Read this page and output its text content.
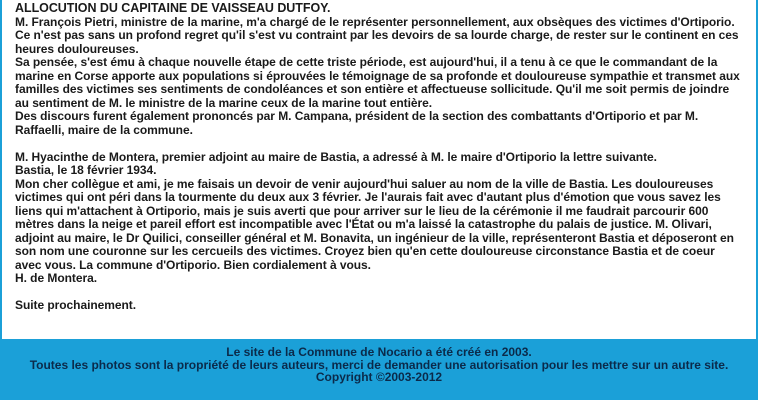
ALLOCUTION DU CAPITAINE DE VAISSEAU DUTFOY.
M. François Pietri, ministre de la marine, m'a chargé de le représenter personnellement, aux obsèques des victimes d'Ortiporio.
Ce n'est pas sans un profond regret qu'il s'est vu contraint par les devoirs de sa lourde charge, de rester sur le continent en ces
heures douloureuses.
Sa pensée, s'est ému à chaque nouvelle étape de cette triste période, est aujourd'hui, il a tenu à ce que le commandant de la
marine en Corse apporte aux populations si éprouvées le témoignage de sa profonde et douloureuse sympathie et transmet aux
familles des victimes ses sentiments de condoléances et son entière et affectueuse sollicitude. Qu'il me soit permis de joindre
au sentiment de M. le ministre de la marine ceux de la marine tout entière.
Des discours furent également prononcés par M. Campana, président de la section des combattants d'Ortiporio et par M.
Raffaelli, maire de la commune.
M. Hyacinthe de Montera, premier adjoint au maire de Bastia, a adressé à M. le maire d'Ortiporio la lettre suivante.
Bastia, le 18 février 1934.
Mon cher collègue et ami, je me faisais un devoir de venir aujourd'hui saluer au nom de la ville de Bastia. Les douloureuses
victimes qui ont péri dans la tourmente du deux aux 3 février. Je l'aurais fait avec d'autant plus d'émotion que vous savez les
liens qui m'attachent à Ortiporio, mais je suis averti que pour arriver sur le lieu de la cérémonie il me faudrait parcourir 600
mètres dans la neige et pareil effort est incompatible avec l'État ou m'a laissé la catastrophe du palais de justice. M. Olivari,
adjoint au maire, le Dr Quilici, conseiller général et M. Bonavita, un ingénieur de la ville, représenteront Bastia et déposeront en
son nom une couronne sur les cercueils des victimes. Croyez bien qu'en cette douloureuse circonstance Bastia et de coeur
avec vous. La commune d'Ortiporio. Bien cordialement à vous.
H. de Montera.
Suite prochainement.
Le site de la Commune de Nocario a été créé en 2003.
Toutes les photos sont la propriété de leurs auteurs, merci de demander une autorisation pour les mettre sur un autre site.
Copyright ©2003-2012
